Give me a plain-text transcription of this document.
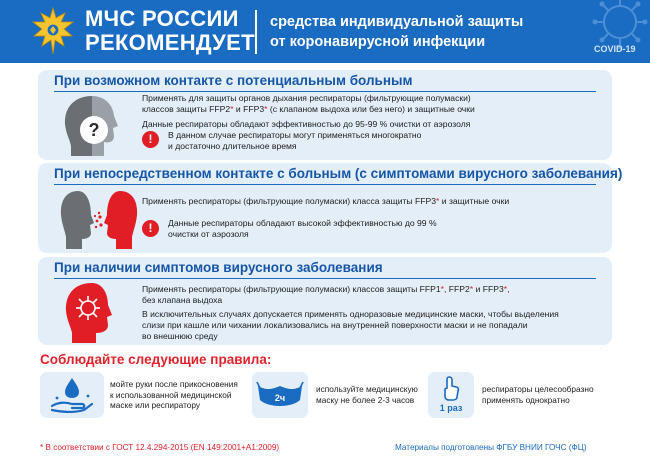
МЧС РОССИИ
РЕКОМЕНДУЕТ
средства индивидуальной защиты
от коронавирусной инфекции	COVID-19
При возможном контакте с потенциальным больным
?
Применять для защиты органов дыхания респираторы (фильтрующие полумаски)
классов защиты FFP2* и FFP3* (с клапаном выдоха или без него) и защитные очки
Данные респираторы обладают эффективностью до 95-99 % очистки от аэрозоля
!	В данном случае респираторы могут применяться многократно
и достаточно длительное время
При непосредственном контакте с больным (с симптомами вирусного заболевания)
Применять респираторы (фильтрующие полумаски) класса защиты FFP3* и защитные очки
!	Данные респираторы обладают высокой эффективностью до 99 %
очистки от аэрозоля
При наличии симптомов вирусного заболевания
Применять респираторы (фильтрующие полумаски) классов защиты FFP1*, FFP2* и FFP3*,
без клапана выдоха
В исключительных случаях допускается применять одноразовые медицинские маски, чтобы выделения
слизи при кашле или чихании локализовались на внутренней поверхности маски и не попадали
во внешнюю среду
Соблюдайте следующие правила:
мойте руки после прикосновения
к использованной медицинской
маске или респиратору
2ч
используйте медицинскую
маску не более 2-3 часов
1 раз
респираторы целесообразно
применять однократно
* В соответствии с ГОСТ 12.4.294-2015 (EN 149:2001+A1:2009)	Материалы подготовлены ФГБУ ВНИИ ГОЧС (ФЦ)
